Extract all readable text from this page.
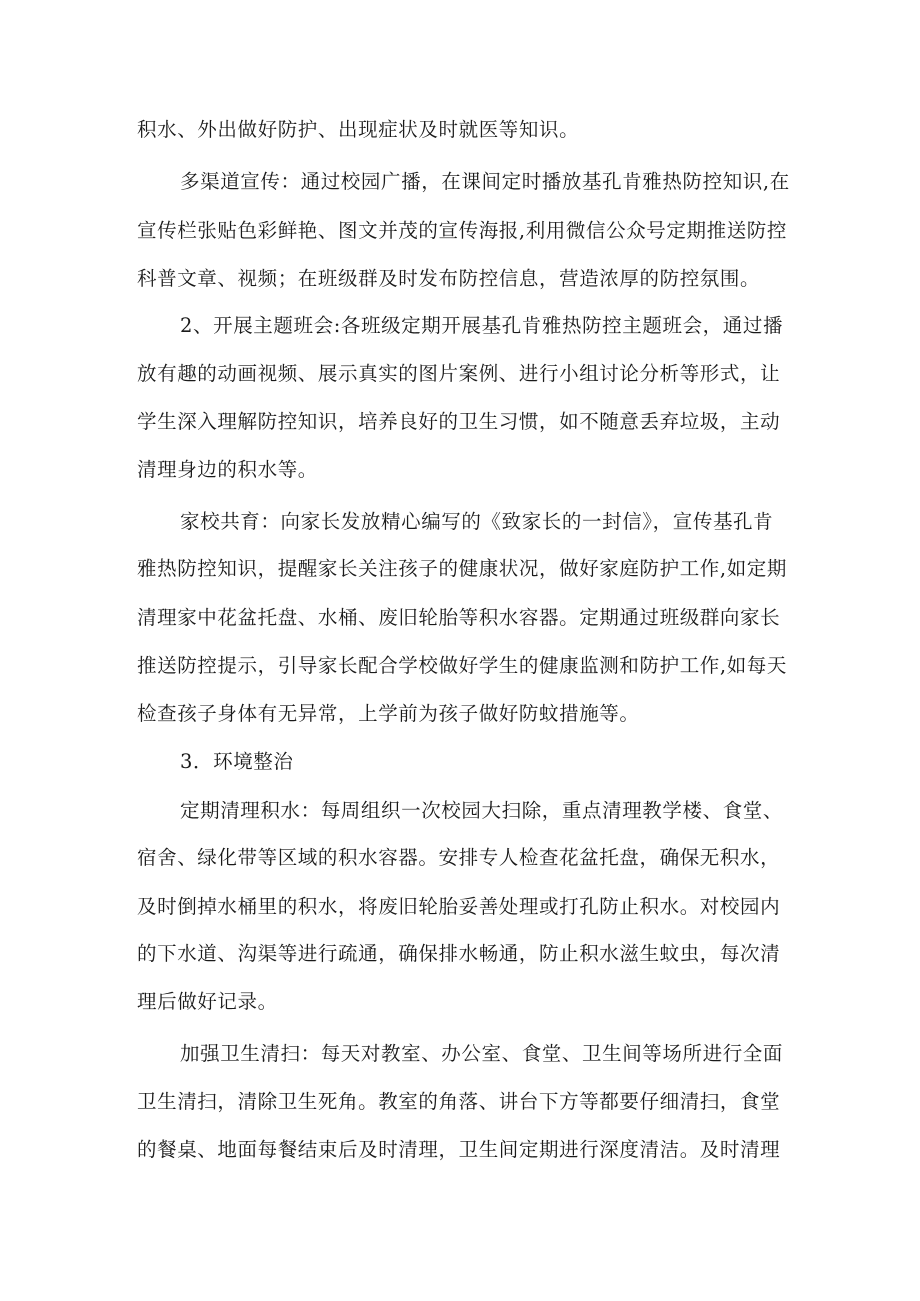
积水、外出做好防护、出现症状及时就医等知识。
多渠道宣传：通过校园广播，在课间定时播放基孔肯雅热防控知识,在
宣传栏张贴色彩鲜艳、图文并茂的宣传海报,利用微信公众号定期推送防控
科普文章、视频；在班级群及时发布防控信息，营造浓厚的防控氛围。
2、开展主题班会:各班级定期开展基孔肯雅热防控主题班会，通过播
放有趣的动画视频、展示真实的图片案例、进行小组讨论分析等形式，让
学生深入理解防控知识，培养良好的卫生习惯，如不随意丢弃垃圾，主动
清理身边的积水等。
家校共育：向家长发放精心编写的《致家长的一封信》，宣传基孔肯
雅热防控知识，提醒家长关注孩子的健康状况，做好家庭防护工作,如定期
清理家中花盆托盘、水桶、废旧轮胎等积水容器。定期通过班级群向家长
推送防控提示，引导家长配合学校做好学生的健康监测和防护工作,如每天
检查孩子身体有无异常，上学前为孩子做好防蚊措施等。
3．环境整治
定期清理积水：每周组织一次校园大扫除，重点清理教学楼、食堂、
宿舍、绿化带等区域的积水容器。安排专人检查花盆托盘，确保无积水，
及时倒掉水桶里的积水，将废旧轮胎妥善处理或打孔防止积水。对校园内
的下水道、沟渠等进行疏通，确保排水畅通，防止积水滋生蚊虫，每次清
理后做好记录。
加强卫生清扫：每天对教室、办公室、食堂、卫生间等场所进行全面
卫生清扫，清除卫生死角。教室的角落、讲台下方等都要仔细清扫，食堂
的餐桌、地面每餐结束后及时清理，卫生间定期进行深度清洁。及时清理
